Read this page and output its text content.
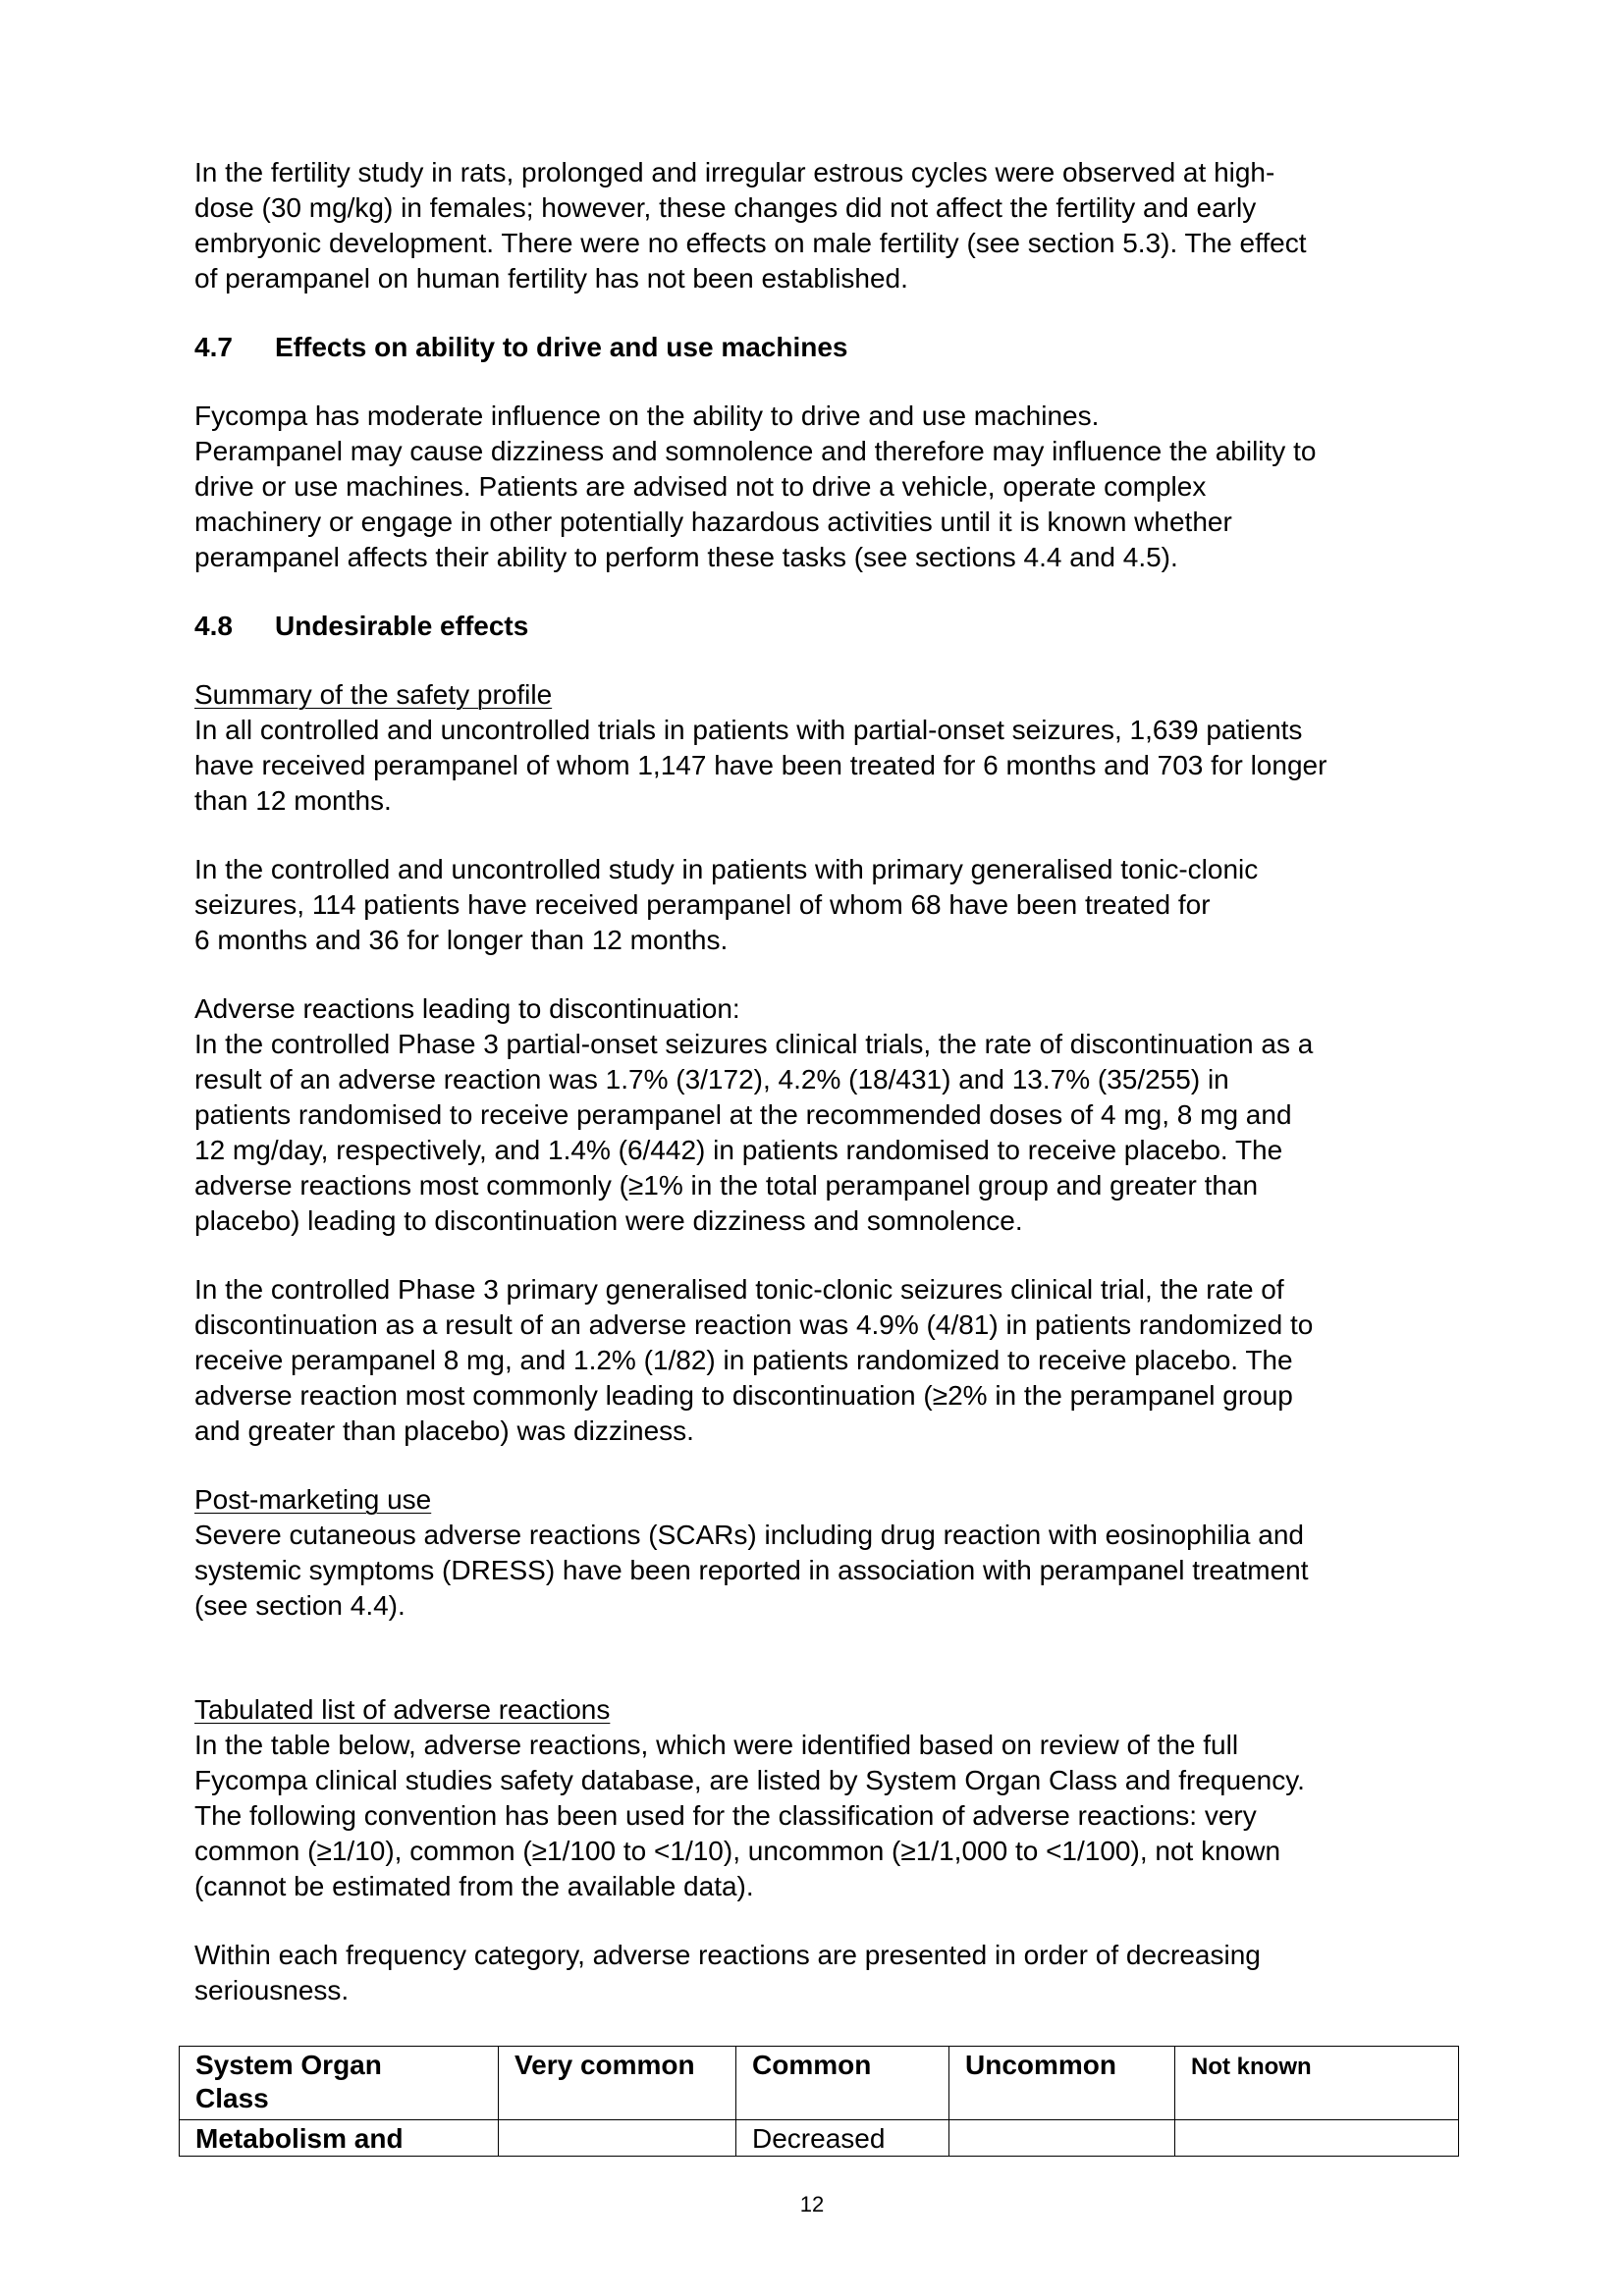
In the fertility study in rats, prolonged and irregular estrous cycles were observed at high-
dose (30 mg/kg) in females; however, these changes did not affect the fertility and early
embryonic development. There were no effects on male fertility (see section 5.3). The effect
of perampanel on human fertility has not been established.

4.7 Effects on ability to drive and use machines

Fycompa has moderate influence on the ability to drive and use machines.
Perampanel may cause dizziness and somnolence and therefore may influence the ability to
drive or use machines. Patients are advised not to drive a vehicle, operate complex
machinery or engage in other potentially hazardous activities until it is known whether
perampanel affects their ability to perform these tasks (see sections 4.4 and 4.5).

4.8 Undesirable effects

Summary of the safety profile
In all controlled and uncontrolled trials in patients with partial-onset seizures, 1,639 patients
have received perampanel of whom 1,147 have been treated for 6 months and 703 for longer
than 12 months.

In the controlled and uncontrolled study in patients with primary generalised tonic-clonic
seizures, 114 patients have received perampanel of whom 68 have been treated for
6 months and 36 for longer than 12 months.

Adverse reactions leading to discontinuation:
In the controlled Phase 3 partial-onset seizures clinical trials, the rate of discontinuation as a
result of an adverse reaction was 1.7% (3/172), 4.2% (18/431) and 13.7% (35/255) in
patients randomised to receive perampanel at the recommended doses of 4 mg, 8 mg and
12 mg/day, respectively, and 1.4% (6/442) in patients randomised to receive placebo. The
adverse reactions most commonly (≥1% in the total perampanel group and greater than
placebo) leading to discontinuation were dizziness and somnolence.

In the controlled Phase 3 primary generalised tonic-clonic seizures clinical trial, the rate of
discontinuation as a result of an adverse reaction was 4.9% (4/81) in patients randomized to
receive perampanel 8 mg, and 1.2% (1/82) in patients randomized to receive placebo. The
adverse reaction most commonly leading to discontinuation (≥2% in the perampanel group
and greater than placebo) was dizziness.

Post-marketing use
Severe cutaneous adverse reactions (SCARs) including drug reaction with eosinophilia and
systemic symptoms (DRESS) have been reported in association with perampanel treatment
(see section 4.4).

Tabulated list of adverse reactions
In the table below, adverse reactions, which were identified based on review of the full
Fycompa clinical studies safety database, are listed by System Organ Class and frequency.
The following convention has been used for the classification of adverse reactions: very
common (≥1/10), common (≥1/100 to <1/10), uncommon (≥1/1,000 to <1/100), not known
(cannot be estimated from the available data).

Within each frequency category, adverse reactions are presented in order of decreasing
seriousness.

System Organ
Class	Very common	Common	Uncommon	Not known
Metabolism and		Decreased		
12
